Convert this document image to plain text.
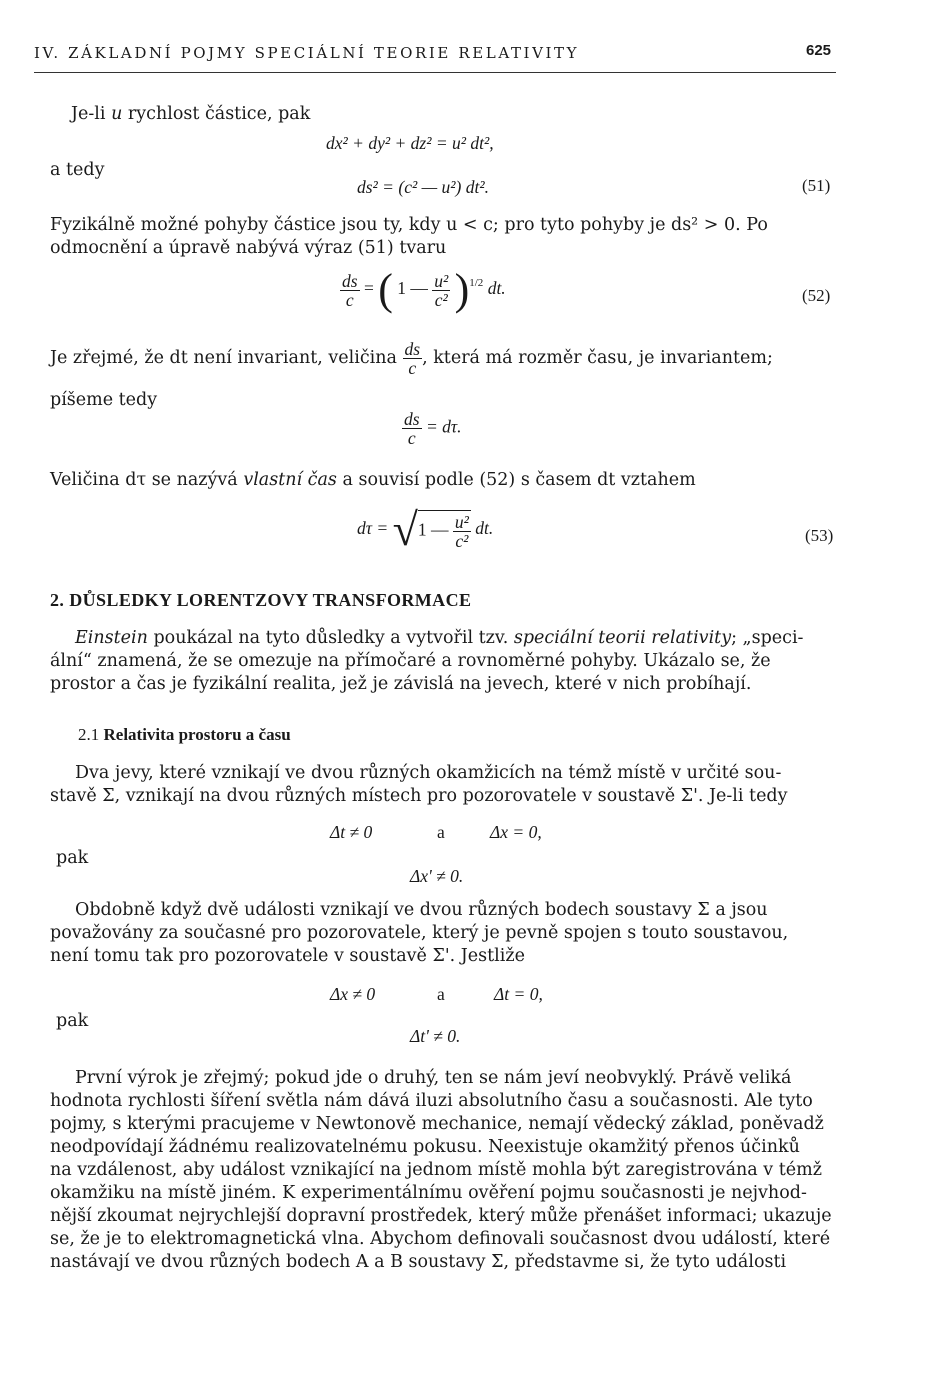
IV. ZÁKLADNÍ POJMY SPECIÁLNÍ TEORIE RELATIVITY	625
Je-li u rychlost částice, pak
dx² + dy² + dz² = u² dt²,
a tedy
ds² = (c² — u²) dt².	(51)
Fyzikálně možné pohyby částice jsou ty, kdy u < c; pro tyto pohyby je ds² > 0. Po
odmocnění a úpravě nabývá výraz (51) tvaru
$\frac{ds}{c}$ = ( 1 — $\frac{\text{u²}}{\text{c²}} )^{1/2}$ dt.	(52)
Je zřejmé, že dt není invariant, veličina $\frac{ds}{c}$ , která má rozměr času, je invariantem;
píšeme tedy
$\frac{ds}{c} = d\tau$.
Veličina dτ se nazývá vlastní čas a souvisí podle (52) s časem dt vztahem
dτ = √1 — $\frac{\text{u²}}{\text{c²}}$ dt.	(53)
2. DŮSLEDKY LORENTZOVY TRANSFORMACE
Einstein poukázal na tyto důsledky a vytvořil tzv. speciální teorii relativity; „speci-
ální“ znamená, že se omezuje na přímočaré a rovnoměrné pohyby. Ukázalo se, že
prostor a čas je fyzikální realita, jež je závislá na jevech, které v nich probíhají.
2.1 Relativita prostoru a času
Dva jevy, které vznikají ve dvou různých okamžicích na témž místě v určité sou-
stavě Σ, vznikají na dvou různých místech pro pozorovatele v soustavě Σ'. Je-li tedy
Δt ≠ 0	a	Δx = 0,
pak
Δx' ≠ 0.
Obdobně když dvě události vznikají ve dvou různých bodech soustavy Σ a jsou
považovány za současné pro pozorovatele, který je pevně spojen s touto soustavou,
není tomu tak pro pozorovatele v soustavě Σ'. Jestliže
Δx ≠ 0	a	Δt = 0,
pak
Δt' ≠ 0.
První výrok je zřejmý; pokud jde o druhý, ten se nám jeví neobvyklý. Právě veliká
hodnota rychlosti šíření světla nám dává iluzi absolutního času a současnosti. Ale tyto
pojmy, s kterými pracujeme v Newtonově mechanice, nemají vědecký základ, poněvadž
neodpovídají žádnému realizovatelnému pokusu. Neexistuje okamžitý přenos účinků
na vzdálenost, aby událost vznikající na jednom místě mohla být zaregistrována v témž
okamžiku na místě jiném. K experimentálnímu ověření pojmu současnosti je nejvhod-
nější zkoumat nejrychlejší dopravní prostředek, který může přenášet informaci; ukazuje
se, že je to elektromagnetická vlna. Abychom definovali současnost dvou událostí, které
nastávají ve dvou různých bodech A a B soustavy Σ, představme si, že tyto události
